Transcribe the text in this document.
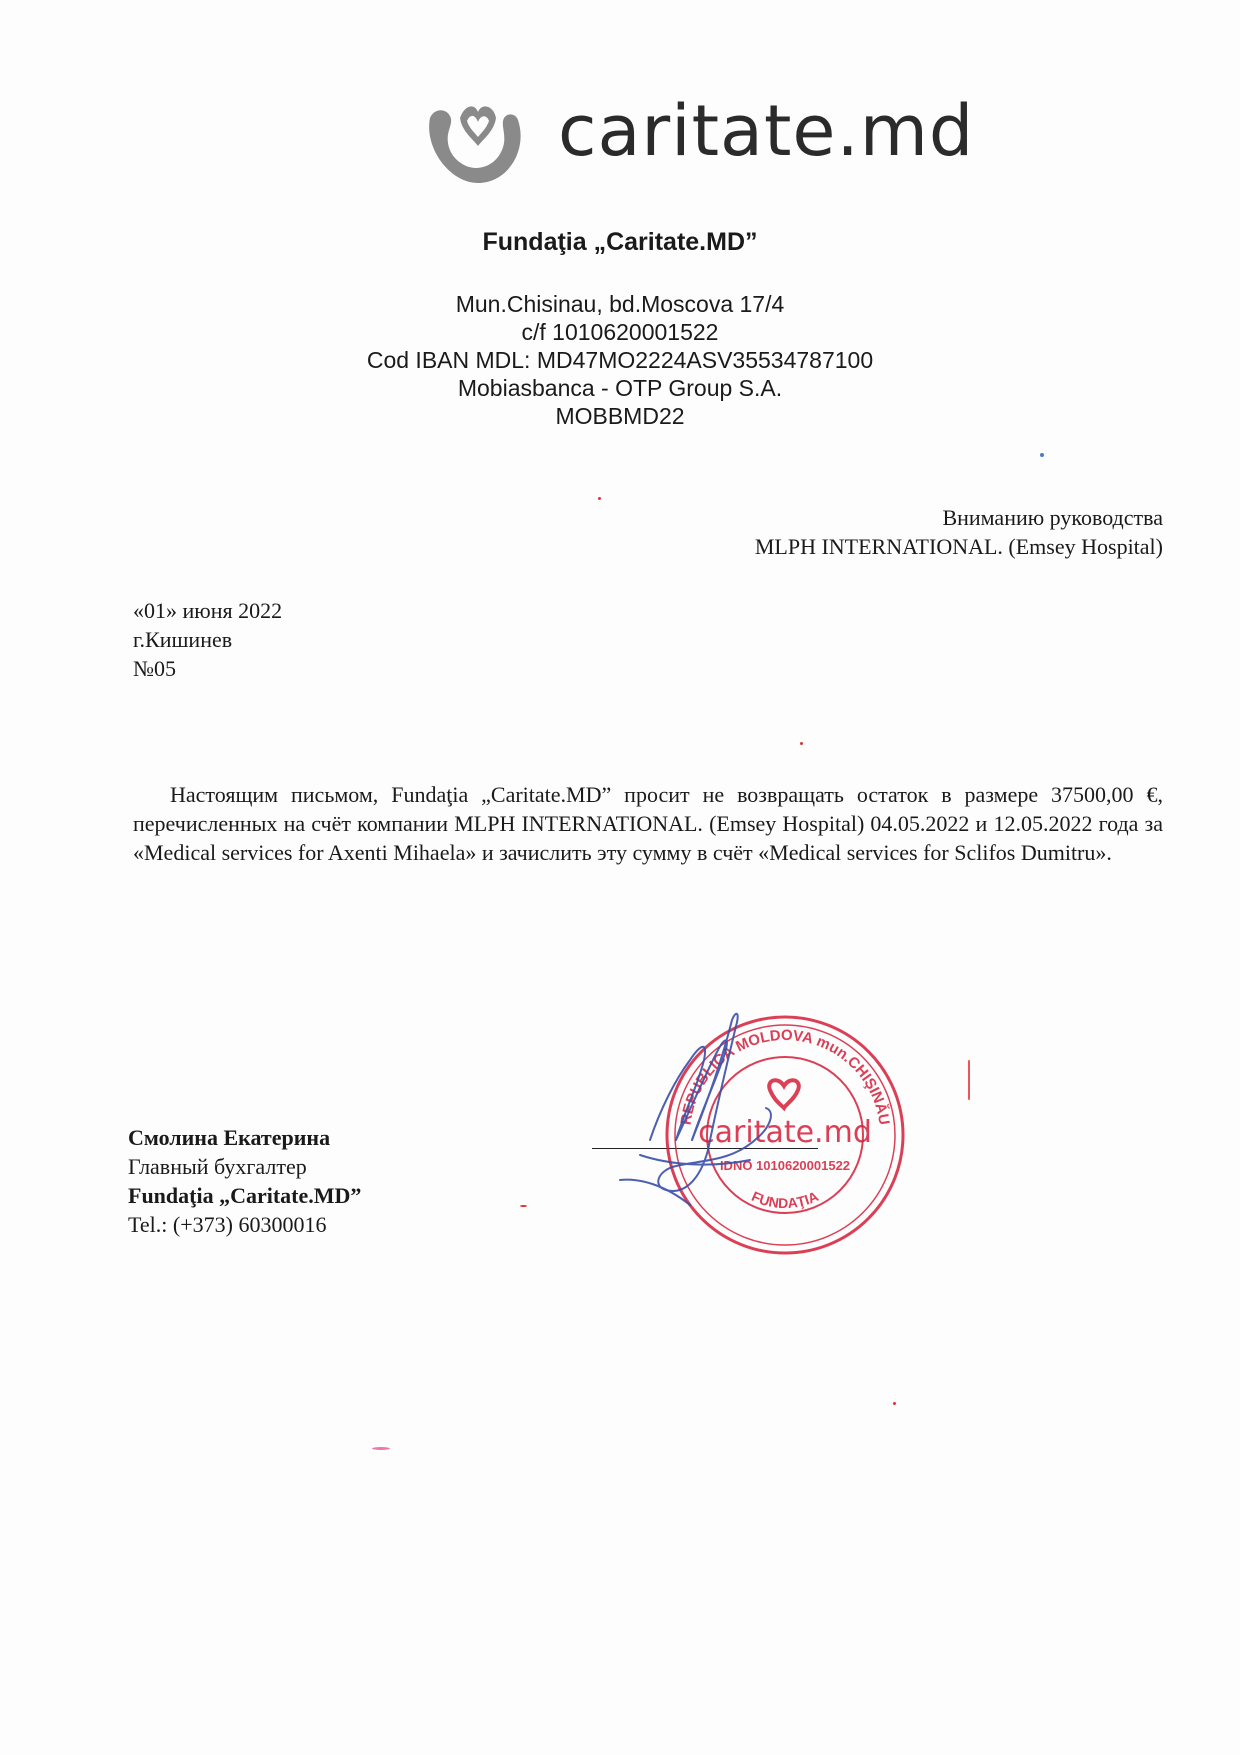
caritate.md
Fundaţia „Caritate.MD”
Mun.Chisinau, bd.Moscova 17/4
c/f 1010620001522
Cod IBAN MDL: MD47MO2224ASV35534787100
Mobiasbanca - OTP Group S.A.
MOBBMD22
Вниманию руководства
MLPH INTERNATIONAL. (Emsey Hospital)
«01» июня 2022
г.Кишинев
№05

Настоящим письмом, Fundaţia „Caritate.MD” просит не возвращать остаток в размере 37500,00 €, перечисленных на счёт компании MLPH INTERNATIONAL. (Emsey Hospital) 04.05.2022 и 12.05.2022 года за «Medical services for Axenti Mihaela» и зачислить эту сумму в счёт «Medical services for Sclifos Dumitru».

Смолина Екатерина
Главный бухгалтер
Fundaţia „Caritate.MD”
Tel.: (+373) 60300016
REPUBLICA MOLDOVA mun.CHIŞINĂU
caritate.md
IDNO 1010620001522
FUNDAŢIA
